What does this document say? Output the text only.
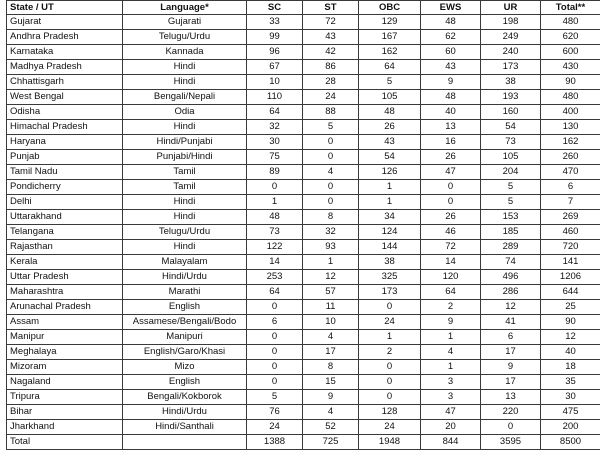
State / UT	Language*	SC	ST	OBC	EWS	UR	Total**
Gujarat	Gujarati	33	72	129	48	198	480
Andhra Pradesh	Telugu/Urdu	99	43	167	62	249	620
Karnataka	Kannada	96	42	162	60	240	600
Madhya Pradesh	Hindi	67	86	64	43	173	430
Chhattisgarh	Hindi	10	28	5	9	38	90
West Bengal	Bengali/Nepali	110	24	105	48	193	480
Odisha	Odia	64	88	48	40	160	400
Himachal Pradesh	Hindi	32	5	26	13	54	130
Haryana	Hindi/Punjabi	30	0	43	16	73	162
Punjab	Punjabi/Hindi	75	0	54	26	105	260
Tamil Nadu	Tamil	89	4	126	47	204	470
Pondicherry	Tamil	0	0	1	0	5	6
Delhi	Hindi	1	0	1	0	5	7
Uttarakhand	Hindi	48	8	34	26	153	269
Telangana	Telugu/Urdu	73	32	124	46	185	460
Rajasthan	Hindi	122	93	144	72	289	720
Kerala	Malayalam	14	1	38	14	74	141
Uttar Pradesh	Hindi/Urdu	253	12	325	120	496	1206
Maharashtra	Marathi	64	57	173	64	286	644
Arunachal Pradesh	English	0	11	0	2	12	25
Assam	Assamese/Bengali/Bodo	6	10	24	9	41	90
Manipur	Manipuri	0	4	1	1	6	12
Meghalaya	English/Garo/Khasi	0	17	2	4	17	40
Mizoram	Mizo	0	8	0	1	9	18
Nagaland	English	0	15	0	3	17	35
Tripura	Bengali/Kokborok	5	9	0	3	13	30
Bihar	Hindi/Urdu	76	4	128	47	220	475
Jharkhand	Hindi/Santhali	24	52	24	20	0	200
Total		1388	725	1948	844	3595	8500
